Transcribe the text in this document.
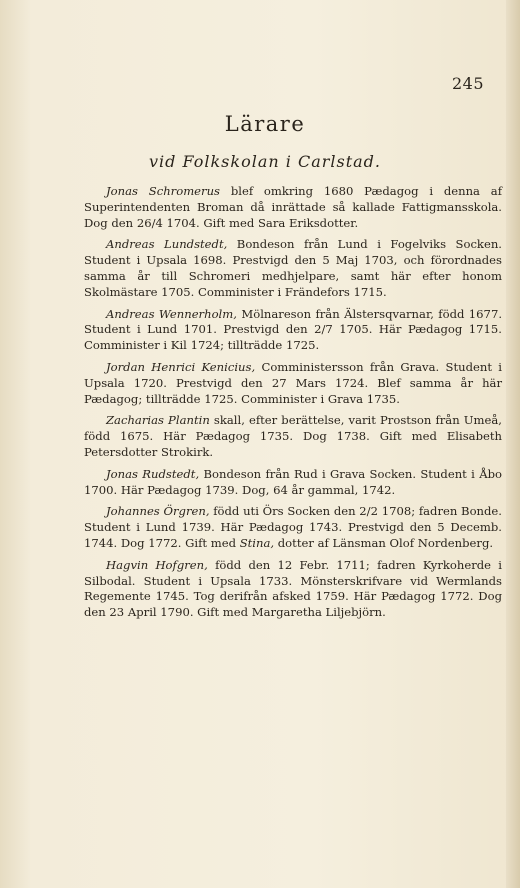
245
Lärare
vid Folkskolan i Carlstad.

Jonas Schromerus blef omkring 1680 Pædagog i denna af Superintendenten Broman då inrättade så kallade Fattigmansskola. Dog den 26/4 1704. Gift med Sara Eriksdotter.

Andreas Lundstedt, Bondeson från Lund i Fogelviks Socken. Student i Upsala 1698. Prestvigd den 5 Maj 1703, och förordnades samma år till Schromeri medhjelpare, samt här efter honom Skolmästare 1705. Comminister i Frändefors 1715.

Andreas Wennerholm, Mölnareson från Älstersqvarnar, född 1677. Student i Lund 1701. Prestvigd den 2/7 1705. Här Pædagog 1715. Comminister i Kil 1724; tillträdde 1725.

Jordan Henrici Kenicius, Comministersson från Grava. Student i Upsala 1720. Prestvigd den 27 Mars 1724. Blef samma år här Pædagog; tillträdde 1725. Comminister i Grava 1735.

Zacharias Plantin skall, efter berättelse, varit Prostson från Umeå, född 1675. Här Pædagog 1735. Dog 1738. Gift med Elisabeth Petersdotter Strokirk.

Jonas Rudstedt, Bondeson från Rud i Grava Socken. Student i Åbo 1700. Här Pædagog 1739. Dog, 64 år gammal, 1742.

Johannes Örgren, född uti Örs Socken den 2/2 1708; fadren Bonde. Student i Lund 1739. Här Pædagog 1743. Prestvigd den 5 Decemb. 1744. Dog 1772. Gift med Stina, dotter af Länsman Olof Nordenberg.

Hagvin Hofgren, född den 12 Febr. 1711; fadren Kyrkoherde i Silbodal. Student i Upsala 1733. Mönsterskrifvare vid Wermlands Regemente 1745. Tog derifrån afsked 1759. Här Pædagog 1772. Dog den 23 April 1790. Gift med Margaretha Liljebjörn.
